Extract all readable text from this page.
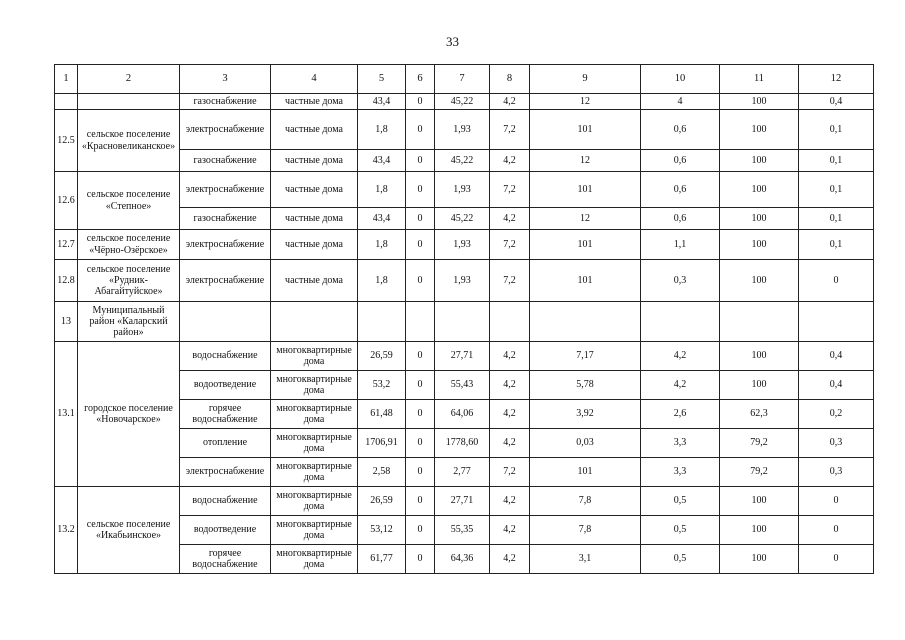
33
1	2	3	4	5	6	7	8	9	10	11	12
		газоснабжение	частные дома	43,4	0	45,22	4,2	12	4	100	0,4
12.5	сельское поселение «Красновеликанское»	электроснабжение	частные дома	1,8	0	1,93	7,2	101	0,6	100	0,1
		газоснабжение	частные дома	43,4	0	45,22	4,2	12	0,6	100	0,1
12.6	сельское поселение «Степное»	электроснабжение	частные дома	1,8	0	1,93	7,2	101	0,6	100	0,1
		газоснабжение	частные дома	43,4	0	45,22	4,2	12	0,6	100	0,1
12.7	сельское поселение «Чёрно-Озёрское»	электроснабжение	частные дома	1,8	0	1,93	7,2	101	1,1	100	0,1
12.8	сельское поселение «Рудник-Абагайтуйское»	электроснабжение	частные дома	1,8	0	1,93	7,2	101	0,3	100	0
13	Муниципальный район «Каларский район»										
13.1	городское поселение «Новочарское»	водоснабжение	многоквартирные дома	26,59	0	27,71	4,2	7,17	4,2	100	0,4
		водоотведение	многоквартирные дома	53,2	0	55,43	4,2	5,78	4,2	100	0,4
		горячее водоснабжение	многоквартирные дома	61,48	0	64,06	4,2	3,92	2,6	62,3	0,2
		отопление	многоквартирные дома	1706,91	0	1778,60	4,2	0,03	3,3	79,2	0,3
		электроснабжение	многоквартирные дома	2,58	0	2,77	7,2	101	3,3	79,2	0,3
13.2	сельское поселение «Икабьинское»	водоснабжение	многоквартирные дома	26,59	0	27,71	4,2	7,8	0,5	100	0
		водоотведение	многоквартирные дома	53,12	0	55,35	4,2	7,8	0,5	100	0
		горячее водоснабжение	многоквартирные дома	61,77	0	64,36	4,2	3,1	0,5	100	0
